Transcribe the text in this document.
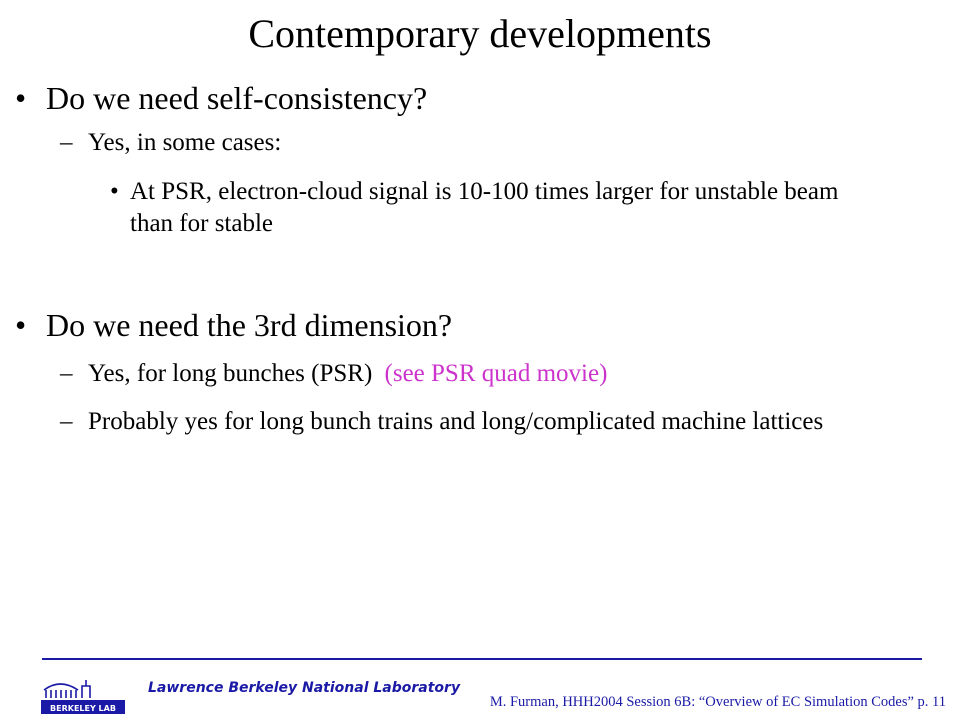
Contemporary developments
• Do we need self-consistency?
– Yes, in some cases:
• At PSR, electron-cloud signal is 10-100 times larger for unstable beam than for stable
• Do we need the 3rd dimension?
– Yes, for long bunches (PSR) (see PSR quad movie)
– Probably yes for long bunch trains and long/complicated machine lattices
BERKELEY LAB
Lawrence Berkeley National Laboratory
M. Furman, HHH2004 Session 6B: “Overview of EC Simulation Codes” p. 11
